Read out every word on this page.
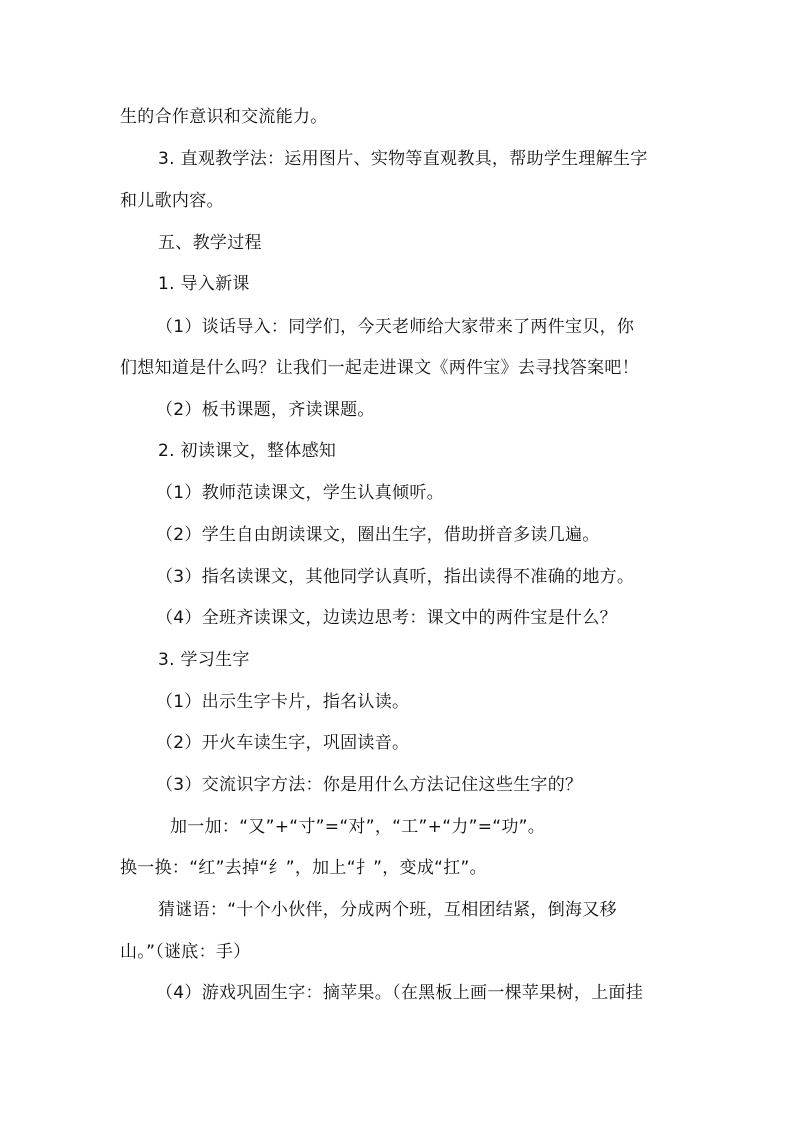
生的合作意识和交流能力。
3. 直观教学法：运用图片、实物等直观教具，帮助学生理解生字
和儿歌内容。
五、教学过程
1. 导入新课
（1）谈话导入：同学们，今天老师给大家带来了两件宝贝，你
们想知道是什么吗？让我们一起走进课文《两件宝》去寻找答案吧！
（2）板书课题，齐读课题。
2. 初读课文，整体感知
（1）教师范读课文，学生认真倾听。
（2）学生自由朗读课文，圈出生字，借助拼音多读几遍。
（3）指名读课文，其他同学认真听，指出读得不准确的地方。
（4）全班齐读课文，边读边思考：课文中的两件宝是什么？
3. 学习生字
（1）出示生字卡片，指名认读。
（2）开火车读生字，巩固读音。
（3）交流识字方法：你是用什么方法记住这些生字的？
加一加：“又”+“寸”=“对”，“工”+“力”=“功”。
换一换：“红”去掉“纟”，加上“扌”，变成“扛”。
猜谜语：“十个小伙伴，分成两个班，互相团结紧，倒海又移
山。”（谜底：手）
（4）游戏巩固生字：摘苹果。（在黑板上画一棵苹果树，上面挂
